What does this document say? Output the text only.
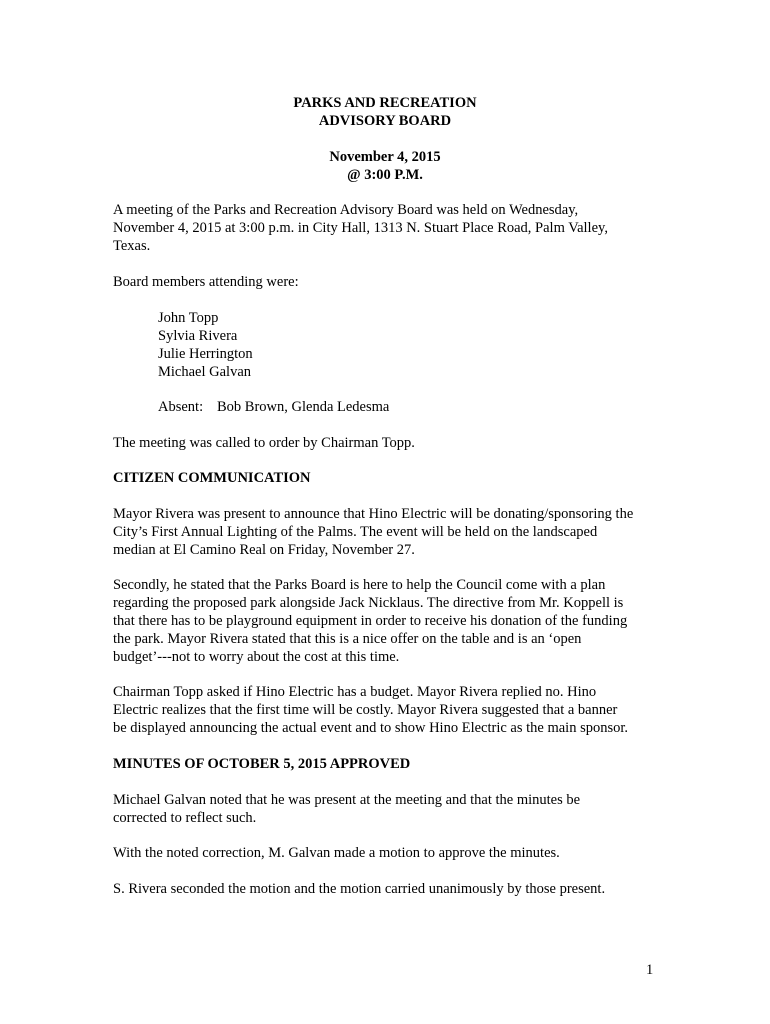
PARKS AND RECREATION
ADVISORY BOARD
November 4, 2015
@ 3:00 P.M.
A meeting of the Parks and Recreation Advisory Board was held on Wednesday,
November 4, 2015 at 3:00 p.m. in City Hall, 1313 N. Stuart Place Road, Palm Valley,
Texas.
Board members attending were:
John Topp
Sylvia Rivera
Julie Herrington
Michael Galvan
Absent: Bob Brown, Glenda Ledesma
The meeting was called to order by Chairman Topp.
CITIZEN COMMUNICATION
Mayor Rivera was present to announce that Hino Electric will be donating/sponsoring the
City’s First Annual Lighting of the Palms. The event will be held on the landscaped
median at El Camino Real on Friday, November 27.
Secondly, he stated that the Parks Board is here to help the Council come with a plan
regarding the proposed park alongside Jack Nicklaus. The directive from Mr. Koppell is
that there has to be playground equipment in order to receive his donation of the funding
the park. Mayor Rivera stated that this is a nice offer on the table and is an ‘open
budget’---not to worry about the cost at this time.
Chairman Topp asked if Hino Electric has a budget. Mayor Rivera replied no. Hino
Electric realizes that the first time will be costly. Mayor Rivera suggested that a banner
be displayed announcing the actual event and to show Hino Electric as the main sponsor.
MINUTES OF OCTOBER 5, 2015 APPROVED
Michael Galvan noted that he was present at the meeting and that the minutes be
corrected to reflect such.
With the noted correction, M. Galvan made a motion to approve the minutes.
S. Rivera seconded the motion and the motion carried unanimously by those present.
1
